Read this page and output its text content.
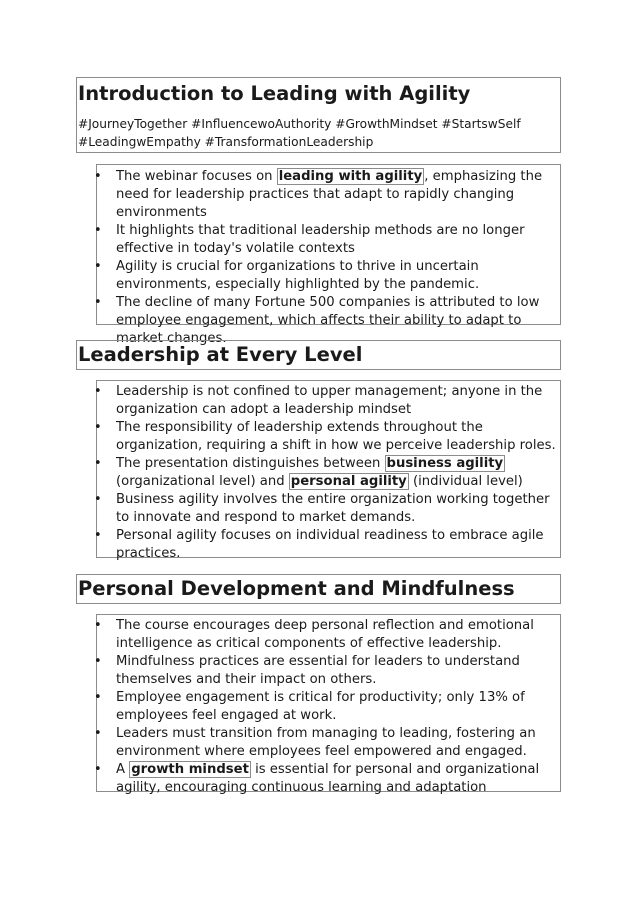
Introduction to Leading with Agility
#JourneyTogether #InfluencewoAuthority #GrowthMindset #StartswSelf
#LeadingwEmpathy #TransformationLeadership
• The webinar focuses on leading with agility , emphasizing the need for leadership practices that adapt to rapidly changing environments
• It highlights that traditional leadership methods are no longer effective in today's volatile contexts
• Agility is crucial for organizations to thrive in uncertain environments, especially highlighted by the pandemic.
• The decline of many Fortune 500 companies is attributed to low employee engagement, which affects their ability to adapt to market changes.
Leadership at Every Level
• Leadership is not confined to upper management; anyone in the organization can adopt a leadership mindset
• The responsibility of leadership extends throughout the organization, requiring a shift in how we perceive leadership roles.
• The presentation distinguishes between business agility (organizational level) and personal agility (individual level)
• Business agility involves the entire organization working together to innovate and respond to market demands.
• Personal agility focuses on individual readiness to embrace agile practices.
Personal Development and Mindfulness
• The course encourages deep personal reflection and emotional intelligence as critical components of effective leadership.
• Mindfulness practices are essential for leaders to understand themselves and their impact on others.
• Employee engagement is critical for productivity; only 13% of employees feel engaged at work.
• Leaders must transition from managing to leading, fostering an environment where employees feel empowered and engaged.
• A growth mindset is essential for personal and organizational agility, encouraging continuous learning and adaptation
